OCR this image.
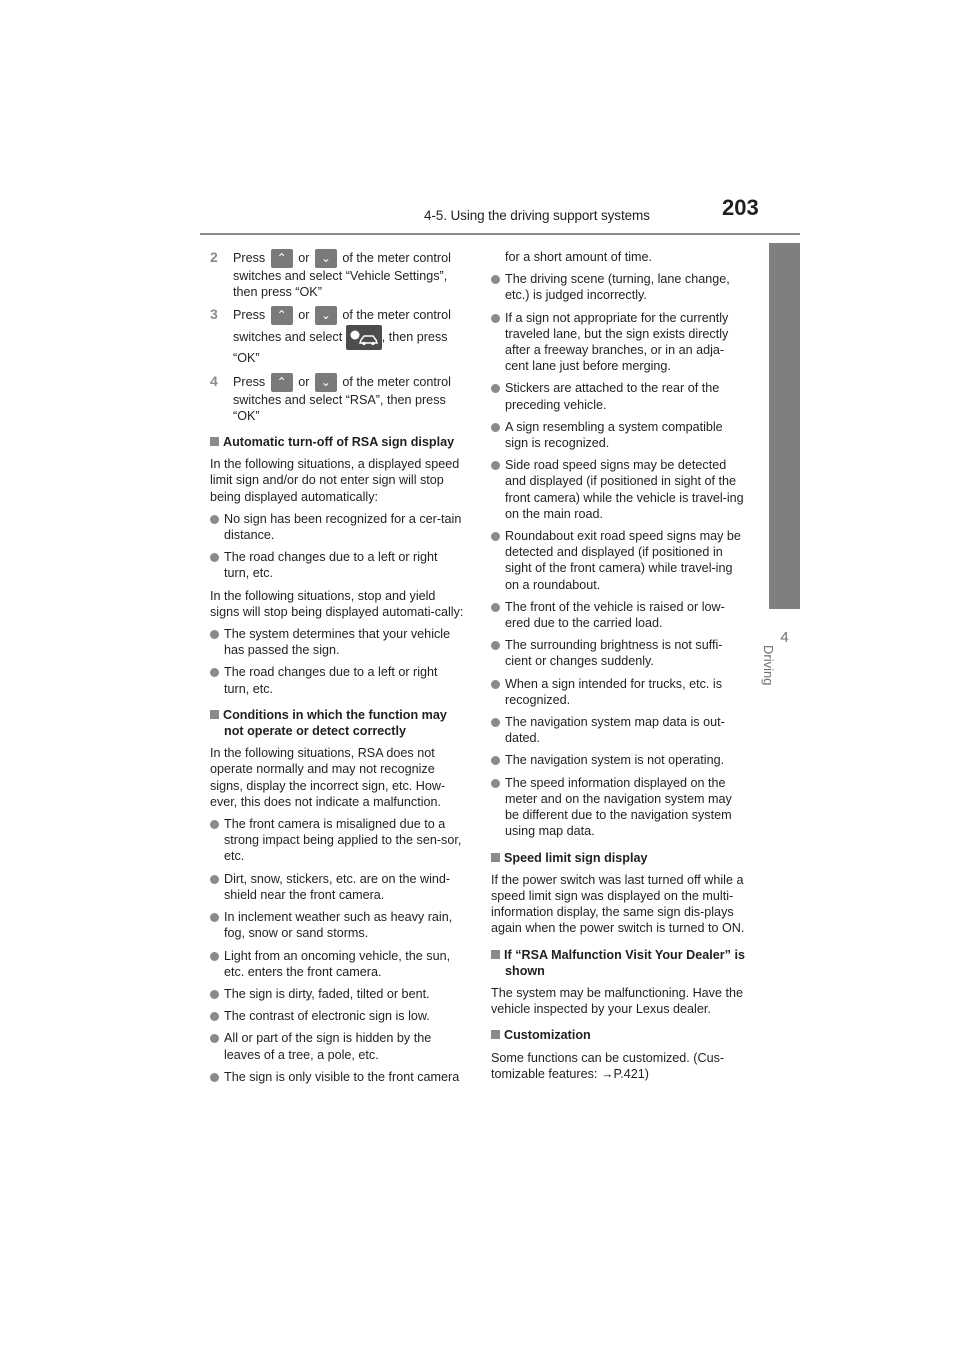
4-5. Using the driving support systems	203
4
Driving
2 Press ⌃ or ⌄ of the meter control switches and select “Vehicle Settings”, then press “OK”
3 Press ⌃ or ⌄ of the meter control switches and select	, then press “OK”
4 Press ⌃ or ⌄ of the meter control switches and select “RSA”, then press “OK”
Automatic turn-off of RSA sign display

In the following situations, a displayed speed limit sign and/or do not enter sign will stop being displayed automatically:

No sign has been recognized for a cer-tain distance.
The road changes due to a left or right turn, etc.

In the following situations, stop and yield signs will stop being displayed automati-cally:

The system determines that your vehicle has passed the sign.
The road changes due to a left or right turn, etc.
Conditions in which the function may not operate or detect correctly

In the following situations, RSA does not operate normally and may not recognize signs, display the incorrect sign, etc. How-ever, this does not indicate a malfunction.

The front camera is misaligned due to a strong impact being applied to the sen-sor, etc.
Dirt, snow, stickers, etc. are on the wind-shield near the front camera.
In inclement weather such as heavy rain, fog, snow or sand storms.
Light from an oncoming vehicle, the sun, etc. enters the front camera.
The sign is dirty, faded, tilted or bent.
The contrast of electronic sign is low.
All or part of the sign is hidden by the leaves of a tree, a pole, etc.
The sign is only visible to the front camera
for a short amount of time.
The driving scene (turning, lane change, etc.) is judged incorrectly.
If a sign not appropriate for the currently traveled lane, but the sign exists directly after a freeway branches, or in an adja-cent lane just before merging.
Stickers are attached to the rear of the preceding vehicle.
A sign resembling a system compatible sign is recognized.
Side road speed signs may be detected and displayed (if positioned in sight of the front camera) while the vehicle is travel-ing on the main road.
Roundabout exit road speed signs may be detected and displayed (if positioned in sight of the front camera) while travel-ing on a roundabout.
The front of the vehicle is raised or low-ered due to the carried load.
The surrounding brightness is not suffi-cient or changes suddenly.
When a sign intended for trucks, etc. is recognized.
The navigation system map data is out-dated.
The navigation system is not operating.
The speed information displayed on the meter and on the navigation system may be different due to the navigation system using map data.
Speed limit sign display

If the power switch was last turned off while a speed limit sign was displayed on the multi-information display, the same sign dis-plays again when the power switch is turned to ON.

If “RSA Malfunction Visit Your Dealer” is shown

The system may be malfunctioning. Have the vehicle inspected by your Lexus dealer.

Customization

Some functions can be customized. (Cus-tomizable features: →P.421)
